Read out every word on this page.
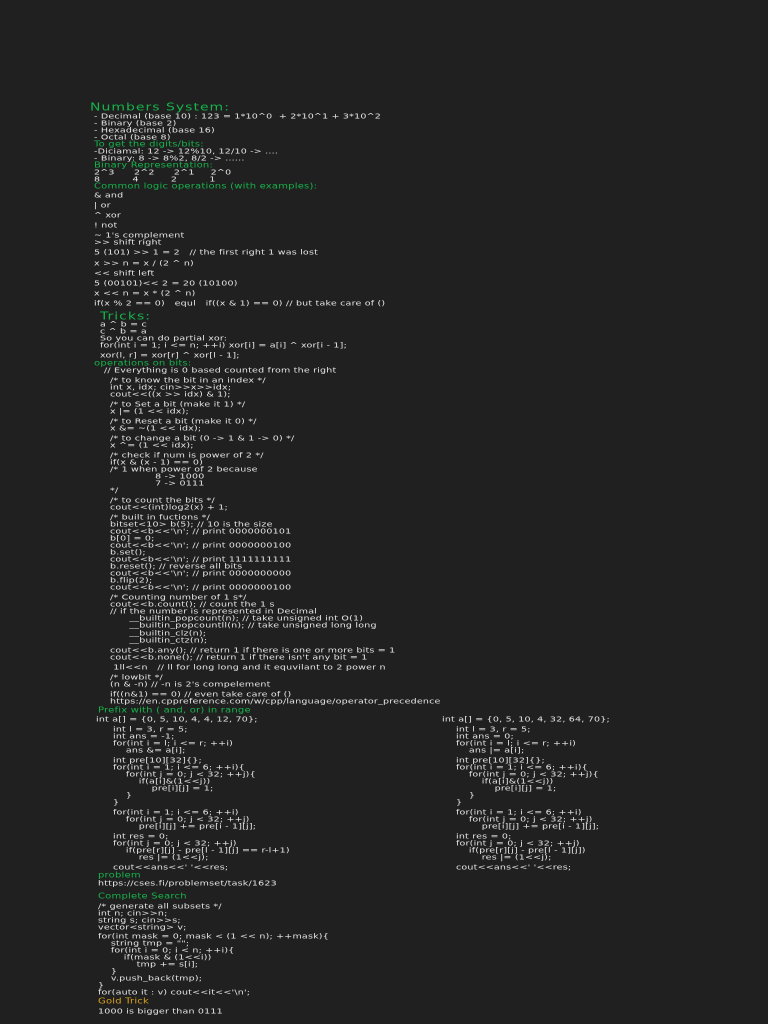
Numbers System:
- Decimal (base 10) : 123 = 1*10^0  + 2*10^1 + 3*10^2
- Binary (base 2)
- Hexadecimal (base 16)
- Octal (base 8)
To get the digits/bits:
-Diciamal: 12 -> 12%10, 12/10 -> ....
- Binary: 8 -> 8%2, 8/2 -> ......
Binary Representation:
2^3      2^2      2^1     2^0
8          4          2          1
Common logic operations (with examples):
& and
| or
^ xor
! not
~ 1's complement
>> shift right
5 (101) >> 1 = 2   // the first right 1 was lost
x >> n = x / (2 ^ n)
<< shift left
5 (00101)<< 2 = 20 (10100)
x << n = x * (2 ^ n)
if(x % 2 == 0)   equl   if((x & 1) == 0) // but take care of ()
Tricks:
a ^ b = c
c ^ b = a
So you can do partial xor:
for(int i = 1; i <= n; ++i) xor[i] = a[i] ^ xor[i - 1];
xor(l, r] = xor[r] ^ xor[l - 1];
operations on bits:
// Everything is 0 based counted from the right
/* to know the bit in an index */
int x, idx; cin>>x>>idx;
cout<<((x >> idx) & 1);
/* to Set a bit (make it 1) */
x |= (1 << idx);
/* to Reset a bit (make it 0) */
x &= ~(1 << idx);
/* to change a bit (0 -> 1 & 1 -> 0) */
x ^= (1 << idx);
/* check if num is power of 2 */
if(x & (x - 1) == 0)
/* 1 when power of 2 because
8 -> 1000
7 -> 0111
*/
/* to count the bits */
cout<<(int)log2(x) + 1;
/* built in fuctions */
bitset<10> b(5); // 10 is the size
cout<<b<<'\n'; // print 0000000101
b[0] = 0;
cout<<b<<'\n'; // print 0000000100
b.set();
cout<<b<<'\n'; // print 1111111111
b.reset(); // reverse all bits
cout<<b<<'\n'; // print 0000000000
b.flip(2);
cout<<b<<'\n'; // print 0000000100
/* Counting number of 1 s*/
cout<<b.count(); // count the 1 s
// if the number is represented in Decimal
__builtin_popcount(n); // take unsigned int O(1)
__builtin_popcountll(n); // take unsigned long long
__builtin_clz(n);
__builtin_ctz(n);
cout<<b.any(); // return 1 if there is one or more bits = 1
cout<<b.none(); // return 1 if there isn't any bit = 1
1ll<<n   // ll for long long and it equvilant to 2 power n
/* lowbit */
(n & -n) // -n is 2's compelement
if((n&1) == 0) // even take care of ()
https://en.cppreference.com/w/cpp/language/operator_precedence
Prefix with ( and, or) in range
int a[] = {0, 5, 10, 4, 4, 12, 70};
int l = 3, r = 5;
int ans = -1;
for(int i = l; i <= r; ++i)
ans &= a[i];
int pre[10][32]{};
for(int i = 1; i <= 6; ++i){
for(int j = 0; j < 32; ++j){
if(a[i]&(1<<j))
pre[i][j] = 1;
}
}
for(int i = 1; i <= 6; ++i)
for(int j = 0; j < 32; ++j)
pre[i][j] += pre[i - 1][j];
int res = 0;
for(int j = 0; j < 32; ++j)
if(pre[r][j] - pre[l - 1][j] == r-l+1)
res |= (1<<j);
cout<<ans<<' '<<res;
int a[] = {0, 5, 10, 4, 32, 64, 70};
int l = 3, r = 5;
int ans = 0;
for(int i = l; i <= r; ++i)
ans |= a[i];
int pre[10][32]{};
for(int i = 1; i <= 6; ++i){
for(int j = 0; j < 32; ++j){
if(a[i]&(1<<j))
pre[i][j] = 1;
}
}
for(int i = 1; i <= 6; ++i)
for(int j = 0; j < 32; ++j)
pre[i][j] += pre[i - 1][j];
int res = 0;
for(int j = 0; j < 32; ++j)
if(pre[r][j] - pre[l - 1][j])
res |= (1<<j);
cout<<ans<<' '<<res;
problem
https://cses.fi/problemset/task/1623
Complete Search
/* generate all subsets */
int n; cin>>n;
string s; cin>>s;
vector<string> v;
for(int mask = 0; mask < (1 << n); ++mask){
string tmp = "";
for(int i = 0; i < n; ++i){
if(mask & (1<<i))
tmp += s[i];
}
v.push_back(tmp);
}
for(auto it : v) cout<<it<<'\n';
Gold Trick
1000 is bigger than 0111
